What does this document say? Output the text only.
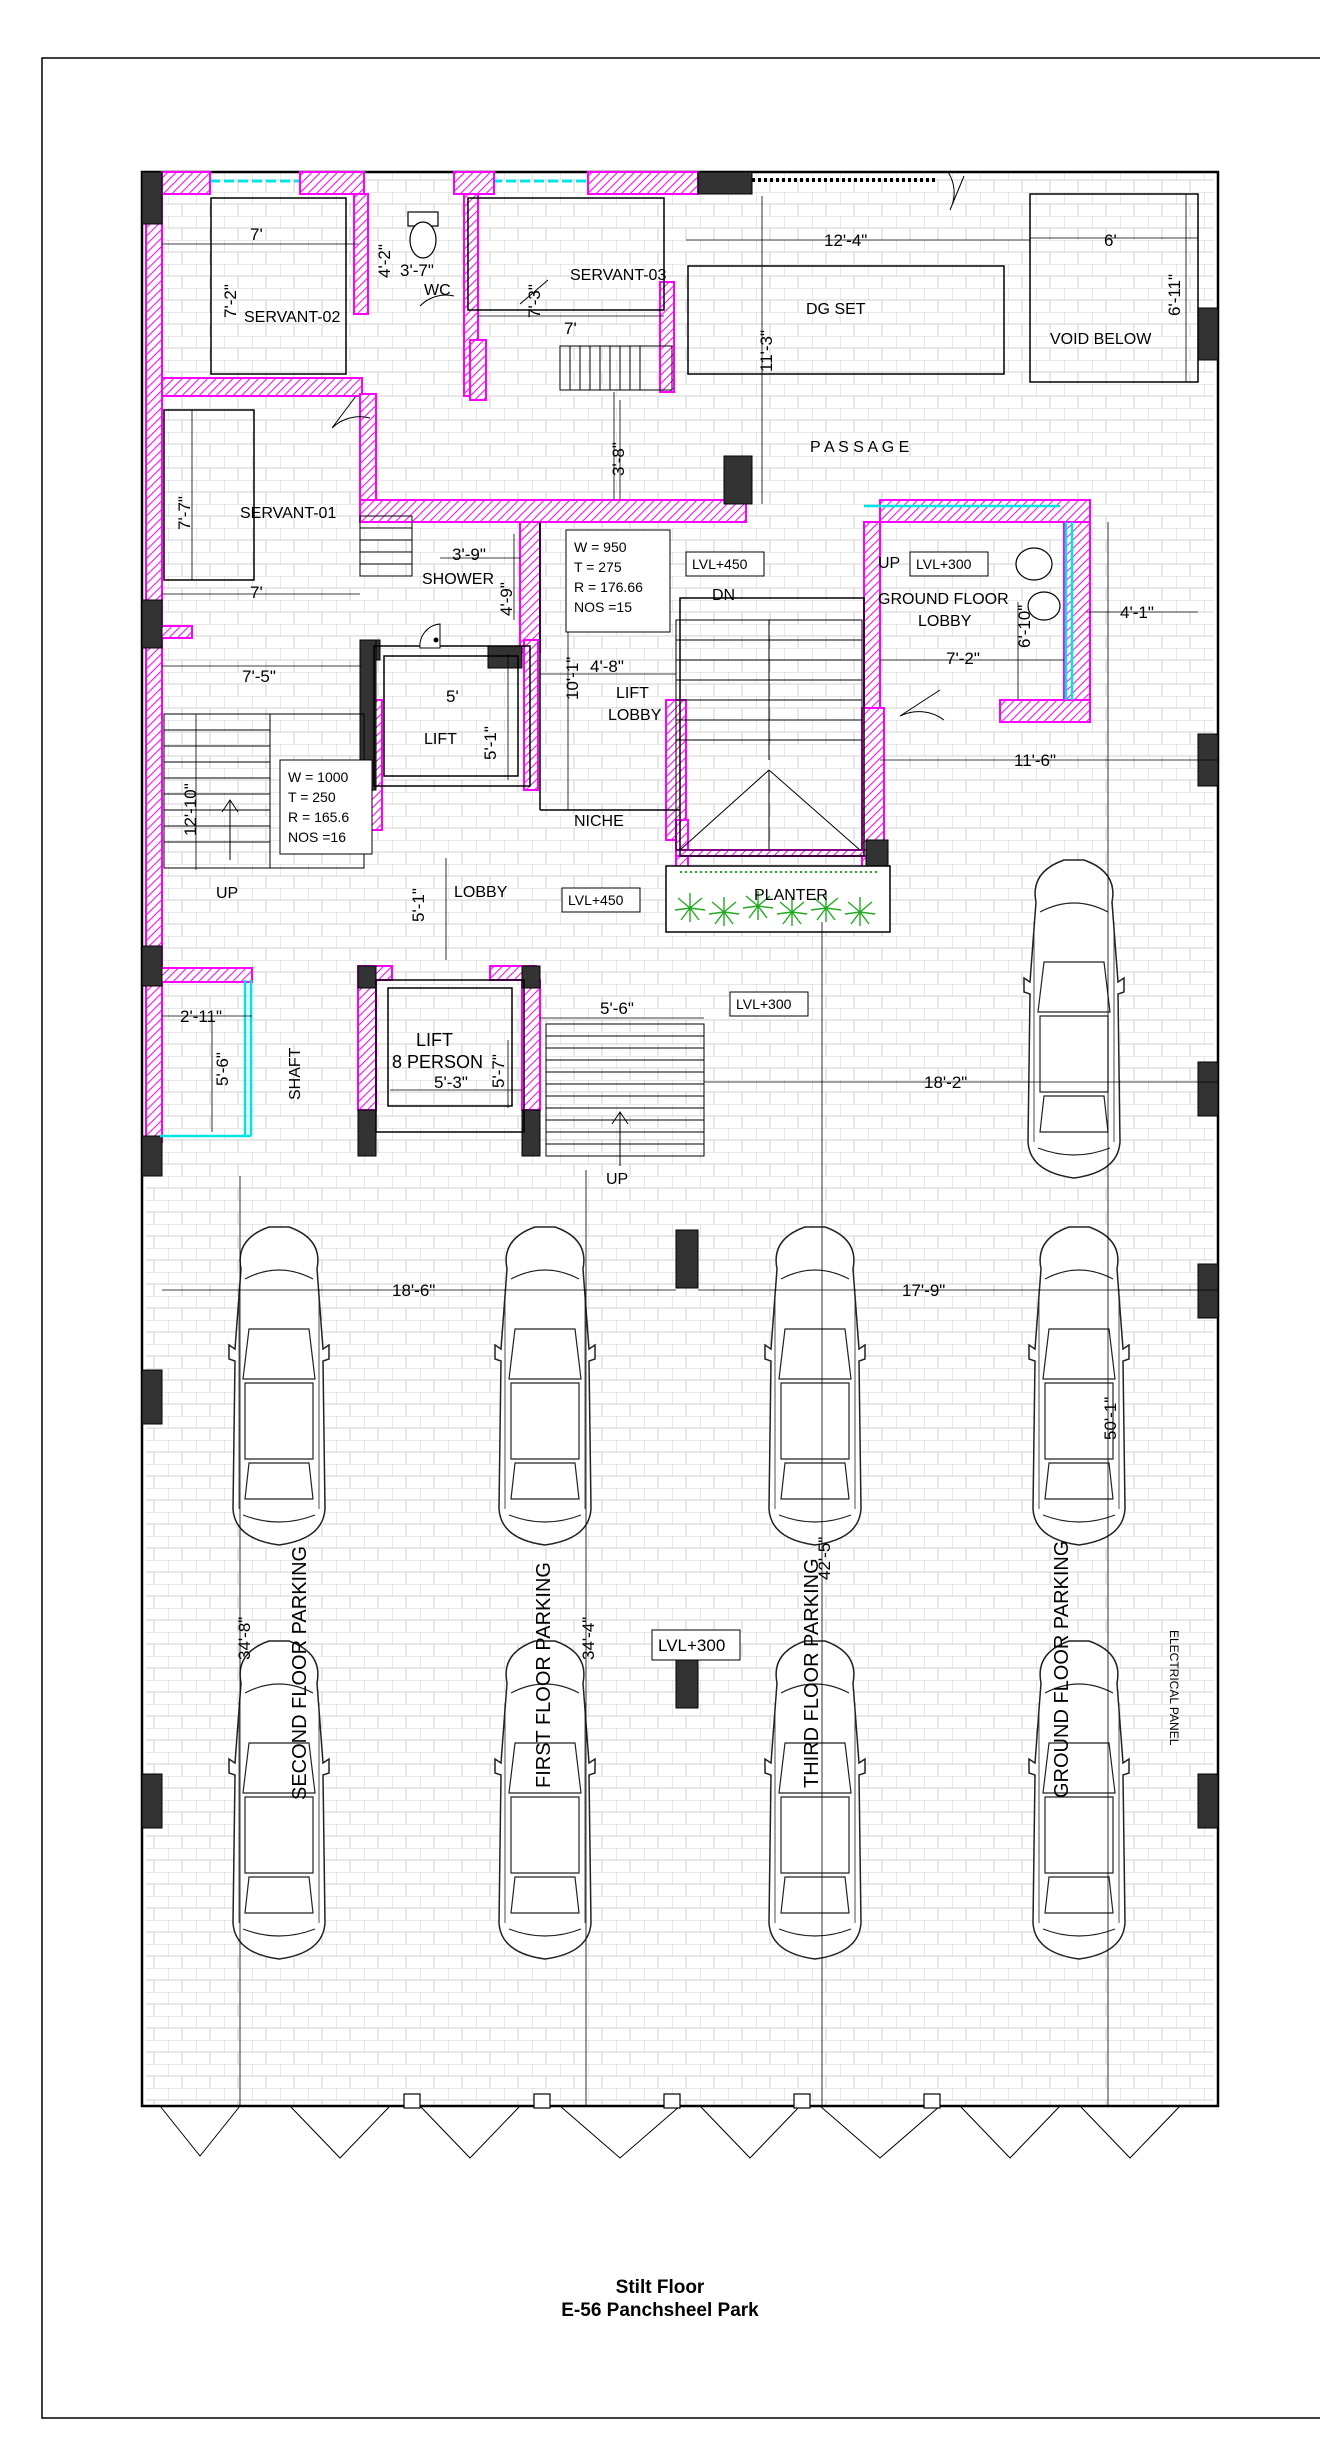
SERVANT-02
SERVANT-03
SERVANT-01
WC
SHOWER
DG SET
VOID BELOW
P A S S A G E
LIFT
LIFT
LOBBY
NICHE
LOBBY
GROUND FLOOR
LOBBY
PLANTER
LIFT
8 PERSON
SHAFT
ELECTRICAL PANEL
DN
UP
UP
UP
LVL+450	LVL+300
LVL+450
LVL+300
LVL+300
W = 950
T = 275
R = 176.66
NOS =15
W = 1000
T = 250
R = 165.6
NOS =16
SECOND FLOOR PARKING	FIRST FLOOR PARKING	THIRD FLOOR PARKING	GROUND FLOOR PARKING
7'
7'-2"
4'-2" 3'-7"
7'-3"
7'
12'-4"
11'-3"
6'
6'-11"
3'-8"
7'-7"
7'
3'-9"
4'-9"
7'-5"
5'
5'-1"
10'-1" 4'-8"
6'-10"
7'-2"
4'-1"
11'-6"
12'-10"
5'-1"
2'-11"
5'-6"	5'-7"
5'-3"
5'-6"
18'-2"
18'-6"	17'-9"
34'-8"	34'-4"
42'-5"
50'-1"
Stilt Floor
E-56 Panchsheel Park
